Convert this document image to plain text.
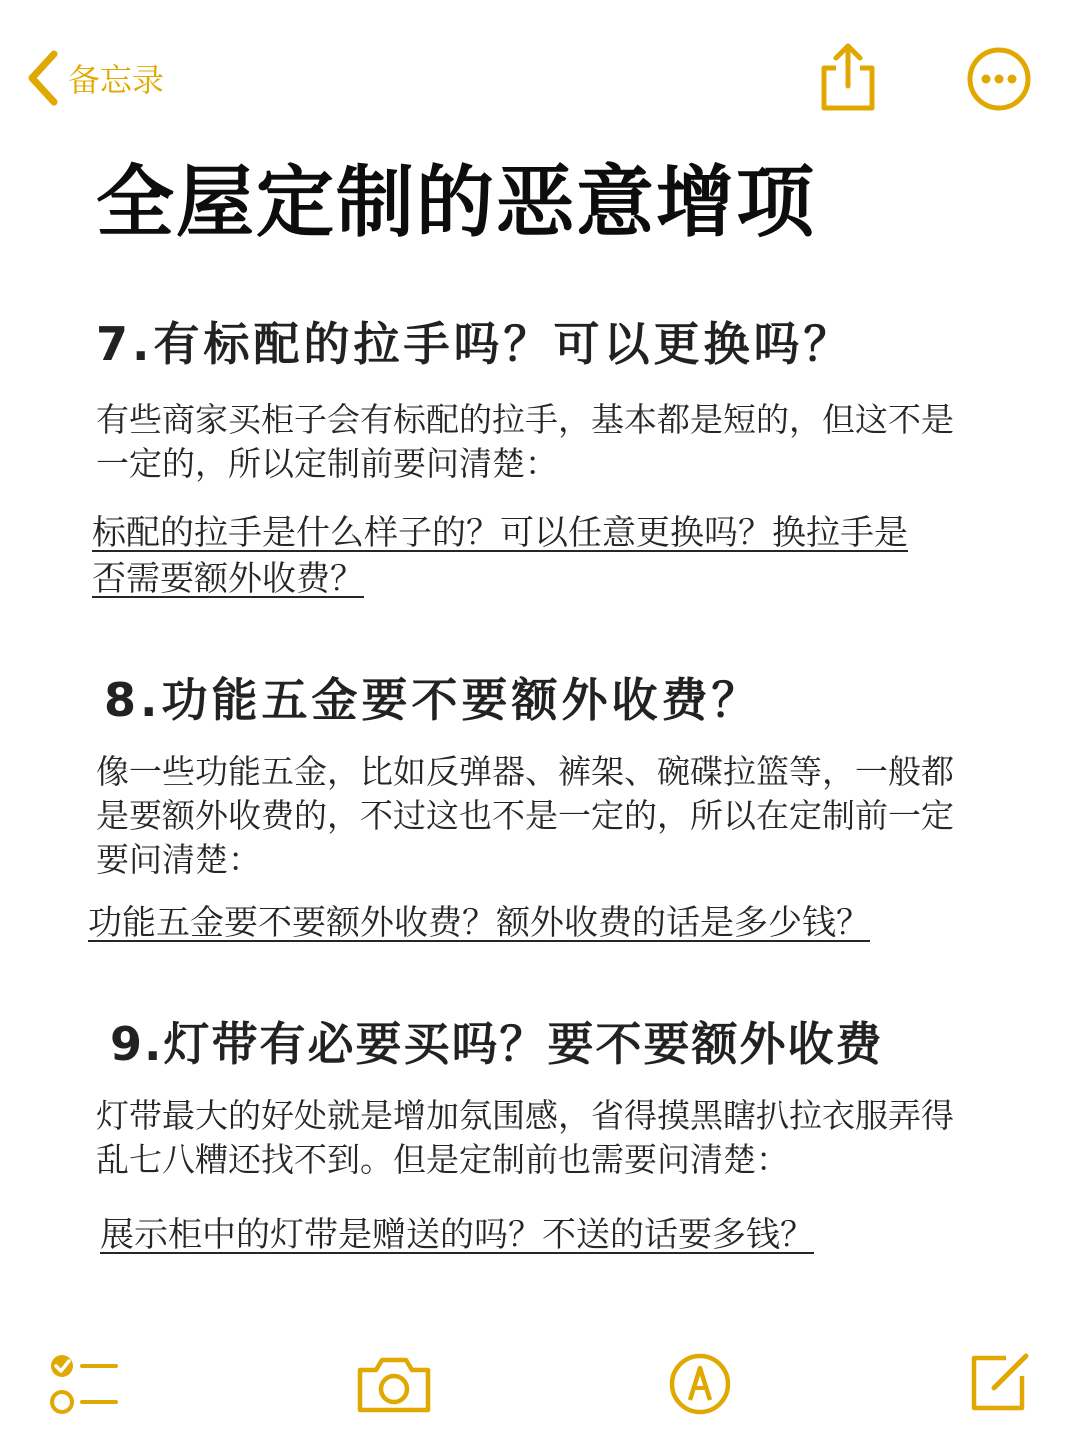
备忘录
全屋定制的恶意增项

7.有标配的拉手吗？可以更换吗？

有些商家买柜子会有标配的拉手，基本都是短的，但这不是一定的，所以定制前要问清楚：

标配的拉手是什么样子的？可以任意更换吗？换拉手是否需要额外收费？

8.功能五金要不要额外收费？

像一些功能五金，比如反弹器、裤架、碗碟拉篮等，一般都是要额外收费的，不过这也不是一定的，所以在定制前一定要问清楚：

功能五金要不要额外收费？额外收费的话是多少钱？

9.灯带有必要买吗？要不要额外收费

灯带最大的好处就是增加氛围感，省得摸黑瞎扒拉衣服弄得乱七八糟还找不到。但是定制前也需要问清楚：

展示柜中的灯带是赠送的吗？不送的话要多钱？
